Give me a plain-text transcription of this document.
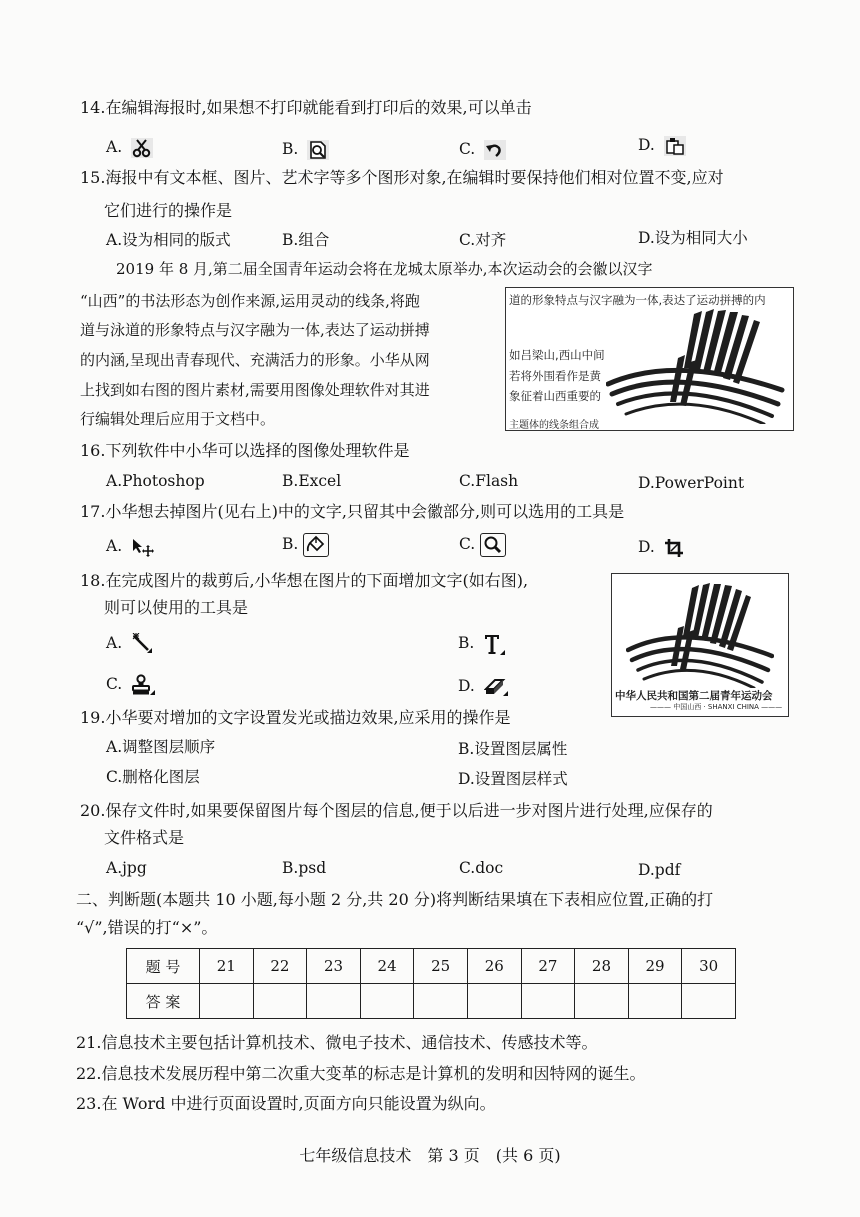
14.在编辑海报时,如果想不打印就能看到打印后的效果,可以单击
A.	B.	C.	D.
15.海报中有文本框、图片、艺术字等多个图形对象,在编辑时要保持他们相对位置不变,应对
它们进行的操作是
A.设为相同的版式	B.组合	C.对齐	D.设为相同大小
2019 年 8 月,第二届全国青年运动会将在龙城太原举办,本次运动会的会徽以汉字
“山西”的书法形态为创作来源,运用灵动的线条,将跑
道与泳道的形象特点与汉字融为一体,表达了运动拼搏
的内涵,呈现出青春现代、充满活力的形象。小华从网
上找到如右图的图片素材,需要用图像处理软件对其进
行编辑处理后应用于文档中。
道的形象特点与汉字融为一体,表达了运动拼搏的内
如吕梁山,西山中间
若将外围看作是黄
象征着山西重要的
主题体的线条组合成
16.下列软件中小华可以选择的图像处理软件是
A.Photoshop	B.Excel	C.Flash	D.PowerPoint
17.小华想去掉图片(见右上)中的文字,只留其中会徽部分,则可以选用的工具是
A.	B.	C.	D.
18.在完成图片的裁剪后,小华想在图片的下面增加文字(如右图),
则可以使用的工具是
A.	B.
C.	D.
中华人民共和国第二届青年运动会
——— 中国山西 · SHANXI CHINA ———
19.小华要对增加的文字设置发光或描边效果,应采用的操作是
A.调整图层顺序	B.设置图层属性
C.删格化图层	D.设置图层样式
20.保存文件时,如果要保留图片每个图层的信息,便于以后进一步对图片进行处理,应保存的
文件格式是
A.jpg	B.psd	C.doc	D.pdf
二、判断题(本题共 10 小题,每小题 2 分,共 20 分)将判断结果填在下表相应位置,正确的打
“√”,错误的打“×”。
题 号	21	22	23	24	25	26	27	28	29	30
答 案										
21.信息技术主要包括计算机技术、微电子技术、通信技术、传感技术等。
22.信息技术发展历程中第二次重大变革的标志是计算机的发明和因特网的诞生。
23.在 Word 中进行页面设置时,页面方向只能设置为纵向。
七年级信息技术　第 3 页　(共 6 页)
